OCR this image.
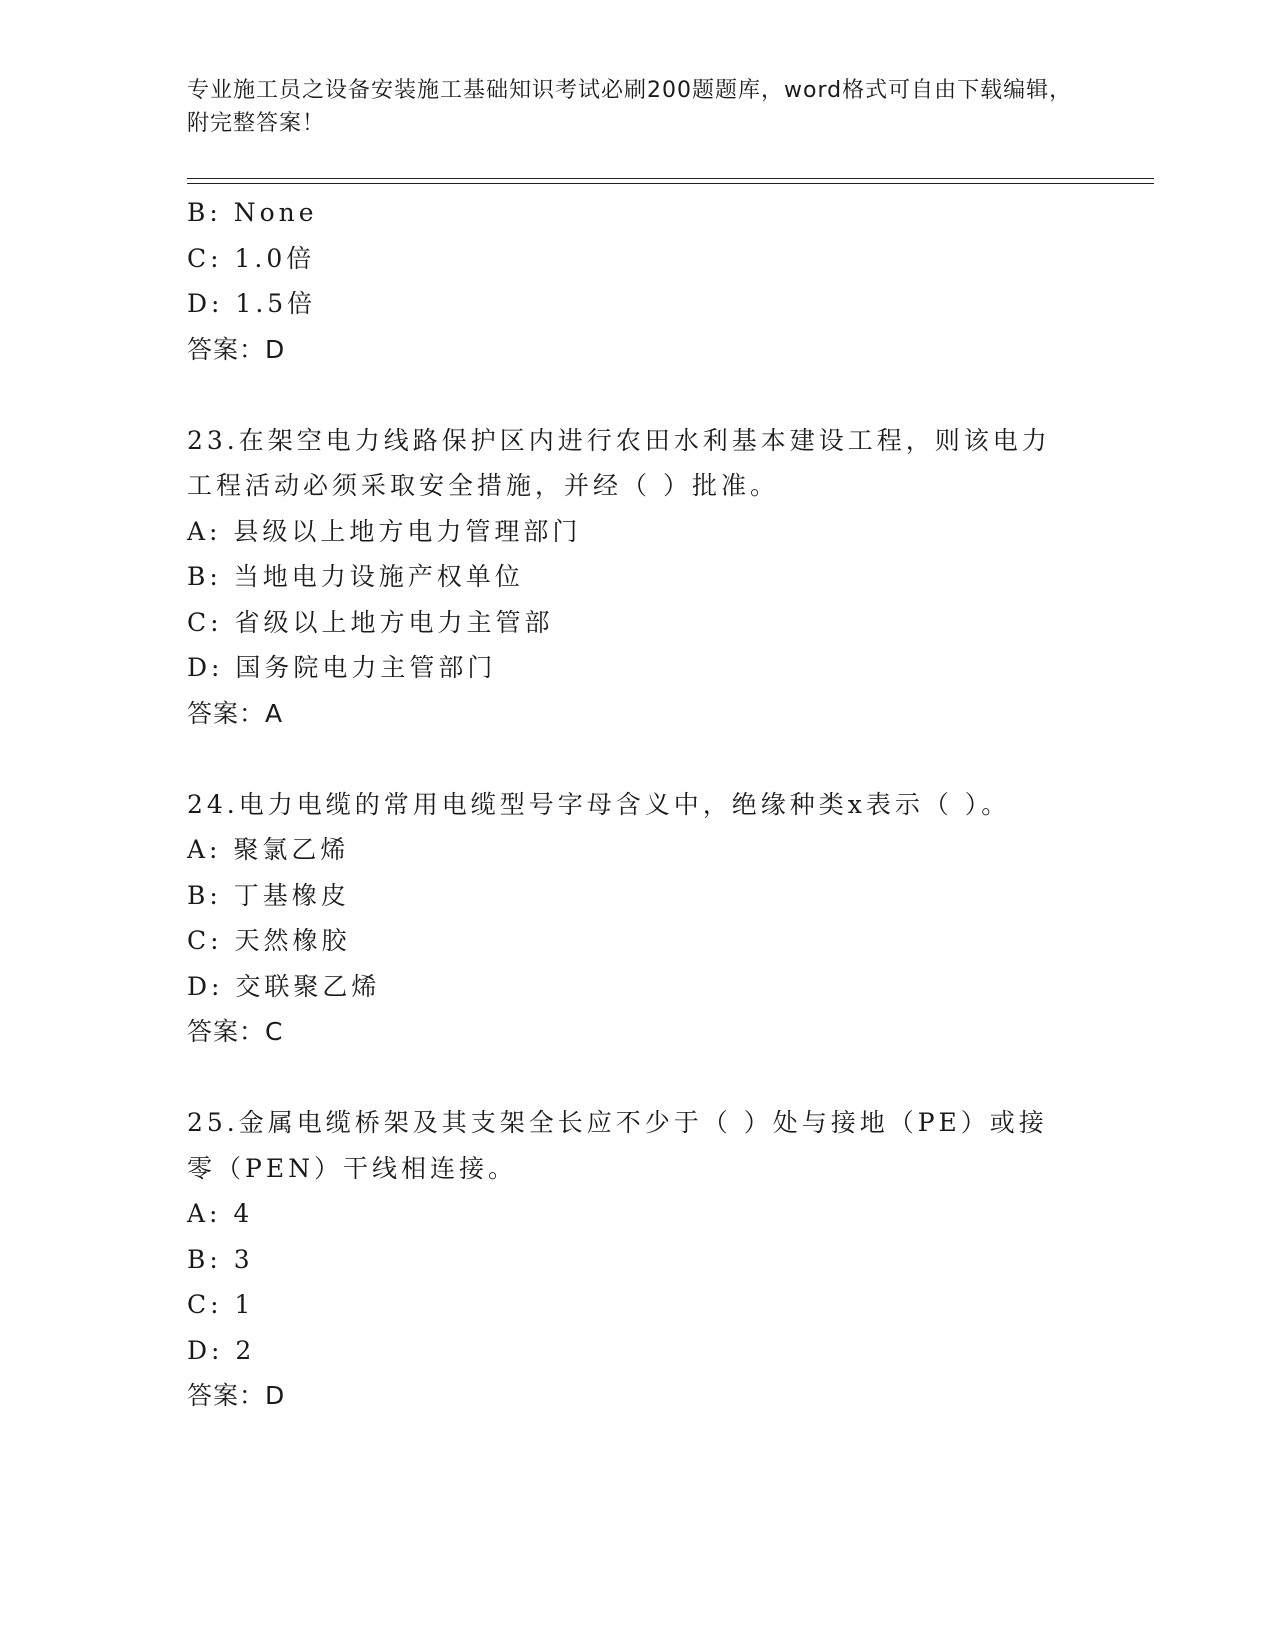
专业施工员之设备安装施工基础知识考试必刷200题题库，word格式可自由下载编辑，附完整答案！
B: None
C: 1.0倍
D: 1.5倍
答案：D
23.在架空电力线路保护区内进行农田水利基本建设工程，则该电力工程活动必须采取安全措施，并经（ ）批准。
A: 县级以上地方电力管理部门
B: 当地电力设施产权单位
C: 省级以上地方电力主管部
D: 国务院电力主管部门
答案：A
24.电力电缆的常用电缆型号字母含义中，绝缘种类x表示（ ）。
A: 聚氯乙烯
B: 丁基橡皮
C: 天然橡胶
D: 交联聚乙烯
答案：C
25.金属电缆桥架及其支架全长应不少于（ ）处与接地（PE）或接零（PEN）干线相连接。
A: 4
B: 3
C: 1
D: 2
答案：D
